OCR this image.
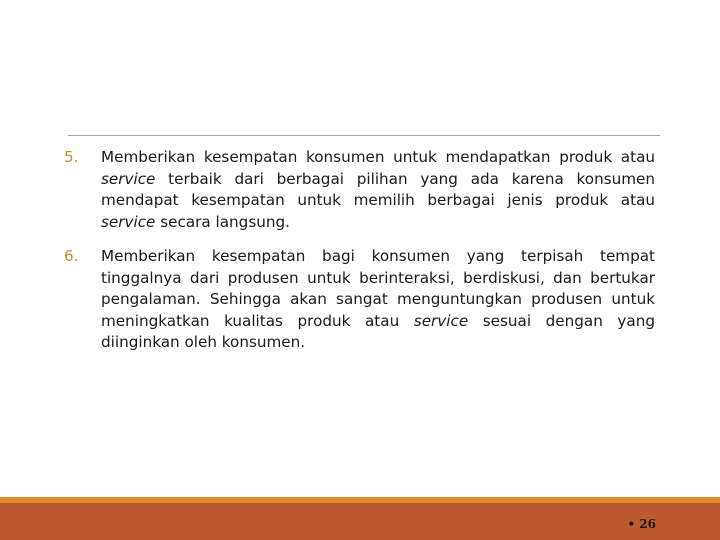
5.	Memberikan kesempatan konsumen untuk mendapatkan produk atau service terbaik dari berbagai pilihan yang ada karena konsumen mendapat kesempatan untuk memilih berbagai jenis produk atau service secara langsung.
6.	Memberikan kesempatan bagi konsumen yang terpisah tempat tinggalnya dari produsen untuk berinteraksi, berdiskusi, dan bertukar pengalaman. Sehingga akan sangat menguntungkan produsen untuk meningkatkan kualitas produk atau service sesuai dengan yang diinginkan oleh konsumen.
• 26
